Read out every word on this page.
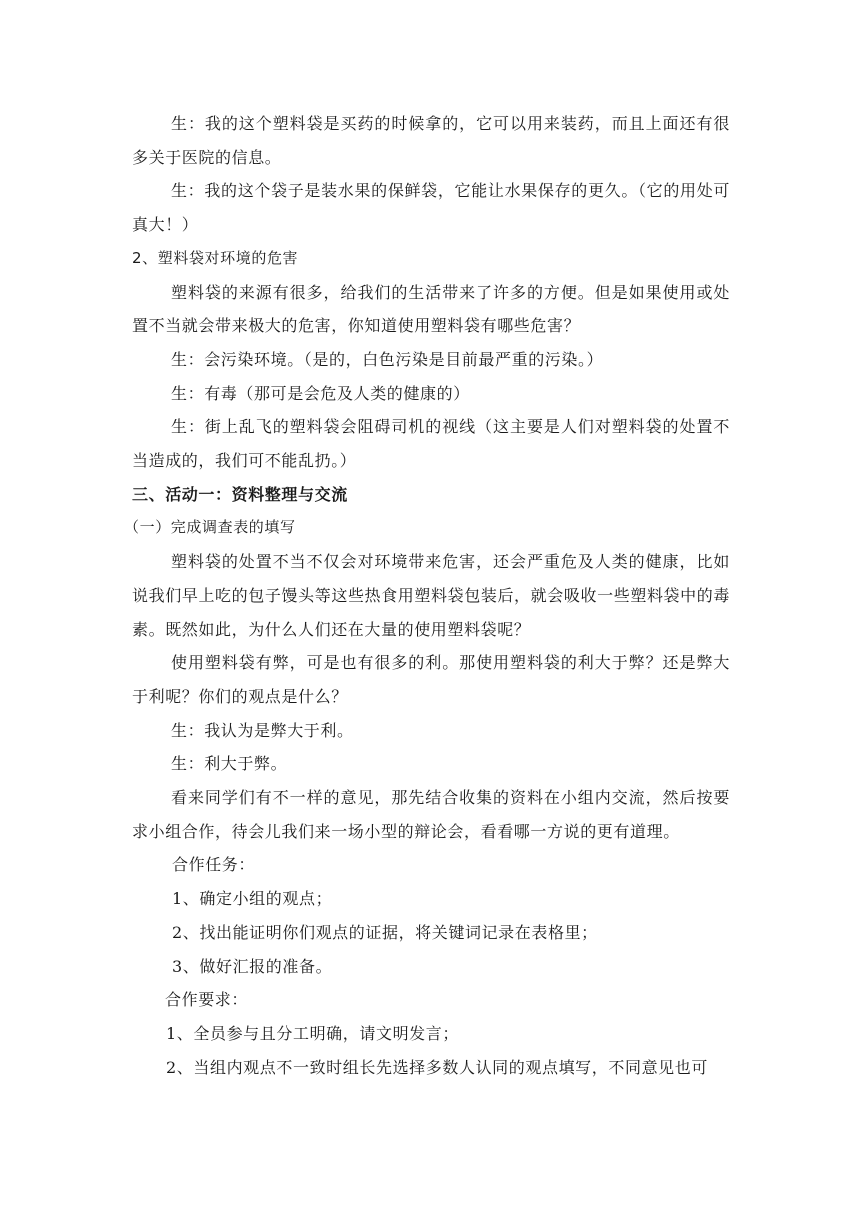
生：我的这个塑料袋是买药的时候拿的，它可以用来装药，而且上面还有很多关于医院的信息。

生：我的这个袋子是装水果的保鲜袋，它能让水果保存的更久。（它的用处可真大！）

2、塑料袋对环境的危害

塑料袋的来源有很多，给我们的生活带来了许多的方便。但是如果使用或处置不当就会带来极大的危害，你知道使用塑料袋有哪些危害？

生：会污染环境。（是的，白色污染是目前最严重的污染。）

生：有毒（那可是会危及人类的健康的）

生：街上乱飞的塑料袋会阻碍司机的视线（这主要是人们对塑料袋的处置不当造成的，我们可不能乱扔。）

三、活动一：资料整理与交流

（一）完成调查表的填写

塑料袋的处置不当不仅会对环境带来危害，还会严重危及人类的健康，比如说我们早上吃的包子馒头等这些热食用塑料袋包装后，就会吸收一些塑料袋中的毒素。既然如此，为什么人们还在大量的使用塑料袋呢？

使用塑料袋有弊，可是也有很多的利。那使用塑料袋的利大于弊？还是弊大于利呢？你们的观点是什么？

生：我认为是弊大于利。

生：利大于弊。

看来同学们有不一样的意见，那先结合收集的资料在小组内交流，然后按要求小组合作，待会儿我们来一场小型的辩论会，看看哪一方说的更有道理。

合作任务：

1、确定小组的观点；

2、找出能证明你们观点的证据，将关键词记录在表格里；

3、做好汇报的准备。

合作要求：

1、全员参与且分工明确，请文明发言；

2、当组内观点不一致时组长先选择多数人认同的观点填写，不同意见也可
